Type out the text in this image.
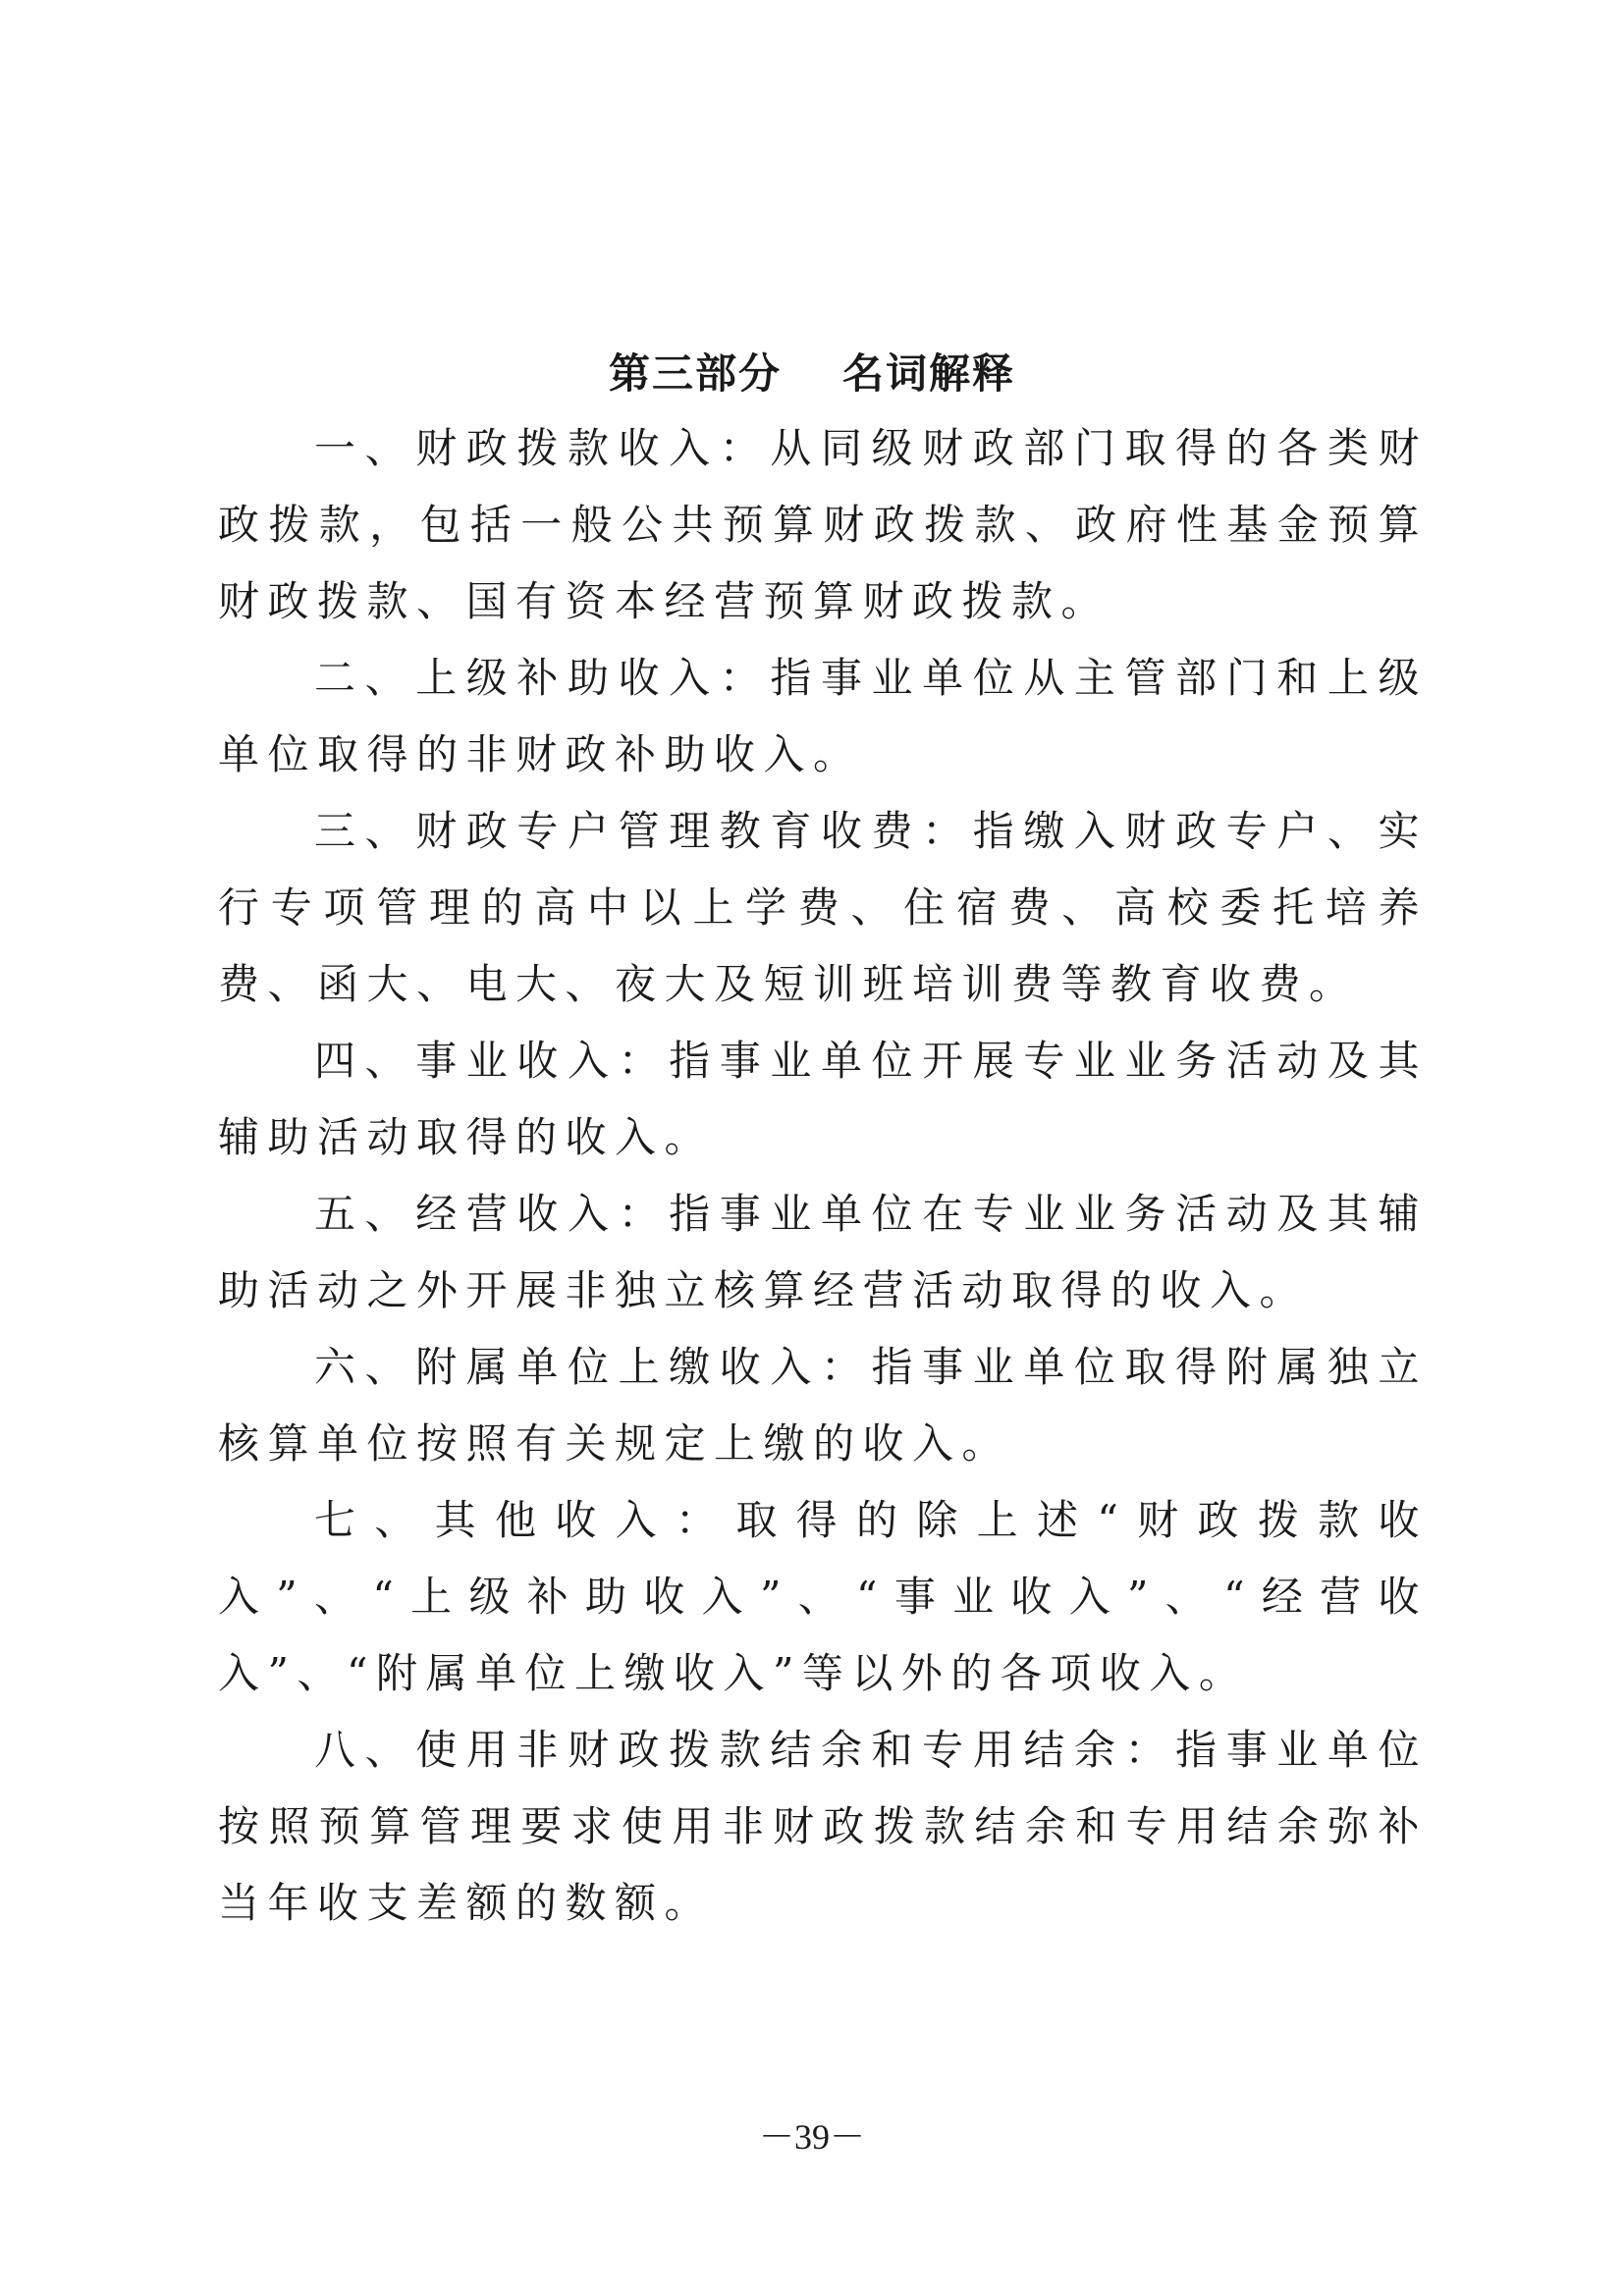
第三部分 名词解释

一、财政拨款收入：从同级财政部门取得的各类财政拨款，包括一般公共预算财政拨款、政府性基金预算财政拨款、国有资本经营预算财政拨款。

二、上级补助收入：指事业单位从主管部门和上级单位取得的非财政补助收入。

三、财政专户管理教育收费：指缴入财政专户、实行专项管理的高中以上学费、住宿费、高校委托培养费、函大、电大、夜大及短训班培训费等教育收费。

四、事业收入：指事业单位开展专业业务活动及其辅助活动取得的收入。

五、经营收入：指事业单位在专业业务活动及其辅助活动之外开展非独立核算经营活动取得的收入。

六、附属单位上缴收入：指事业单位取得附属独立核算单位按照有关规定上缴的收入。

七、其他收入：取得的除上述“财政拨款收入”、“上级补助收入”、“事业收入”、“经营收入”、“附属单位上缴收入”等以外的各项收入。

八、使用非财政拨款结余和专用结余：指事业单位按照预算管理要求使用非财政拨款结余和专用结余弥补当年收支差额的数额。

－39－
